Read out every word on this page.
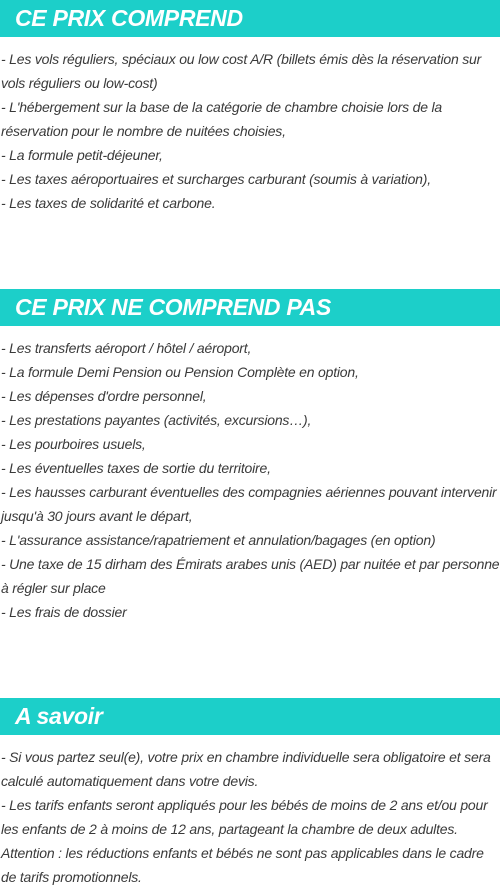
CE PRIX COMPREND

- Les vols réguliers, spéciaux ou low cost A/R (billets émis dès la réservation sur vols réguliers ou low-cost)

- L'hébergement sur la base de la catégorie de chambre choisie lors de la réservation pour le nombre de nuitées choisies,

- La formule petit-déjeuner,

- Les taxes aéroportuaires et surcharges carburant (soumis à variation),

- Les taxes de solidarité et carbone.

CE PRIX NE COMPREND PAS

- Les transferts aéroport / hôtel / aéroport,

- La formule Demi Pension ou Pension Complète en option,

- Les dépenses d'ordre personnel,

- Les prestations payantes (activités, excursions…),

- Les pourboires usuels,

- Les éventuelles taxes de sortie du territoire,

- Les hausses carburant éventuelles des compagnies aériennes pouvant intervenir jusqu'à 30 jours avant le départ,

- L'assurance assistance/rapatriement et annulation/bagages (en option)

- Une taxe de 15 dirham des Émirats arabes unis (AED) par nuitée et par personne à régler sur place

- Les frais de dossier

A savoir

- Si vous partez seul(e), votre prix en chambre individuelle sera obligatoire et sera calculé automatiquement dans votre devis.

- Les tarifs enfants seront appliqués pour les bébés de moins de 2 ans et/ou pour les enfants de 2 à moins de 12 ans, partageant la chambre de deux adultes.

Attention : les réductions enfants et bébés ne sont pas applicables dans le cadre de tarifs promotionnels.
